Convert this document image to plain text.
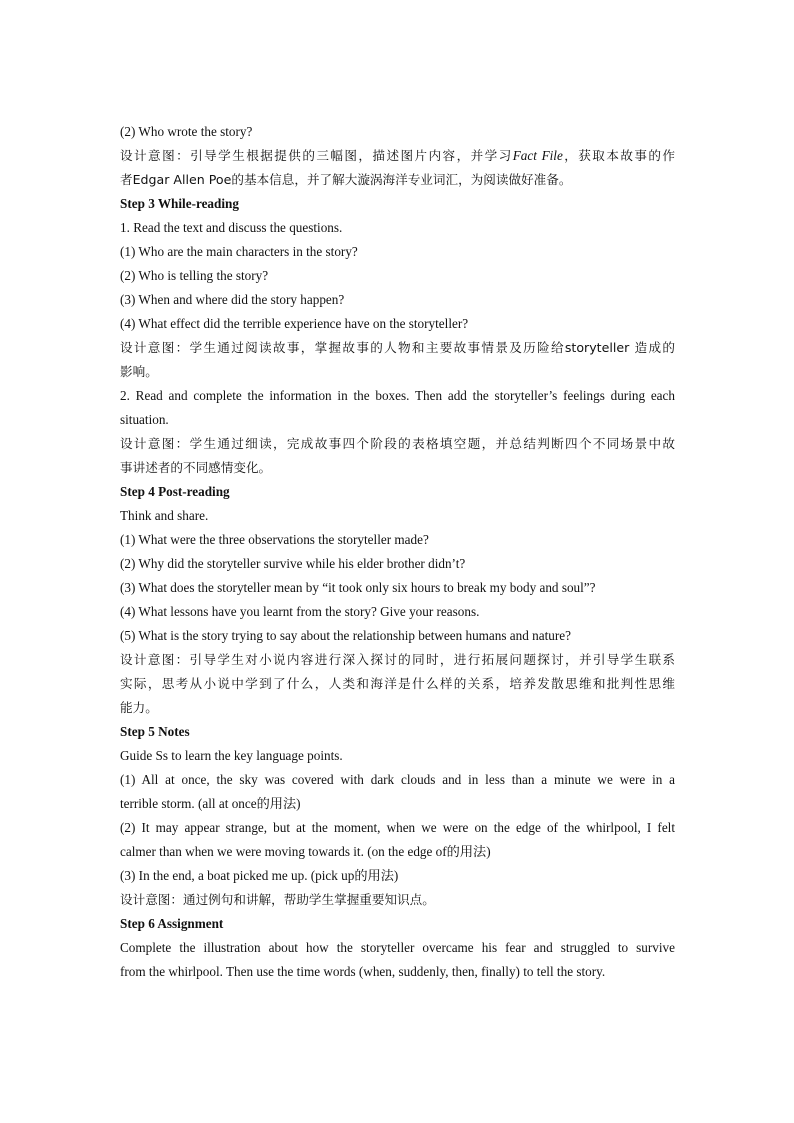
(2) Who wrote the story?
设计意图：引导学生根据提供的三幅图，描述图片内容，并学习Fact File，获取本故事的作
者Edgar Allen Poe的基本信息，并了解大漩涡海洋专业词汇，为阅读做好准备。
Step 3 While-reading
1. Read the text and discuss the questions.
(1) Who are the main characters in the story?
(2) Who is telling the story?
(3) When and where did the story happen?
(4) What effect did the terrible experience have on the storyteller?
设计意图：学生通过阅读故事，掌握故事的人物和主要故事情景及历险给storyteller 造成的
影响。
2. Read and complete the information in the boxes. Then add the storyteller’s feelings during each
situation.
设计意图：学生通过细读，完成故事四个阶段的表格填空题，并总结判断四个不同场景中故
事讲述者的不同感情变化。
Step 4 Post-reading
Think and share.
(1) What were the three observations the storyteller made?
(2) Why did the storyteller survive while his elder brother didn’t?
(3) What does the storyteller mean by “it took only six hours to break my body and soul”?
(4) What lessons have you learnt from the story? Give your reasons.
(5) What is the story trying to say about the relationship between humans and nature?
设计意图：引导学生对小说内容进行深入探讨的同时，进行拓展问题探讨，并引导学生联系
实际，思考从小说中学到了什么，人类和海洋是什么样的关系，培养发散思维和批判性思维
能力。
Step 5 Notes
Guide Ss to learn the key language points.
(1) All at once, the sky was covered with dark clouds and in less than a minute we were in a
terrible storm. (all at once的用法)
(2) It may appear strange, but at the moment, when we were on the edge of the whirlpool, I felt
calmer than when we were moving towards it. (on the edge of的用法)
(3) In the end, a boat picked me up. (pick up的用法)
设计意图：通过例句和讲解，帮助学生掌握重要知识点。
Step 6 Assignment
Complete the illustration about how the storyteller overcame his fear and struggled to survive
from the whirlpool. Then use the time words (when, suddenly, then, finally) to tell the story.
